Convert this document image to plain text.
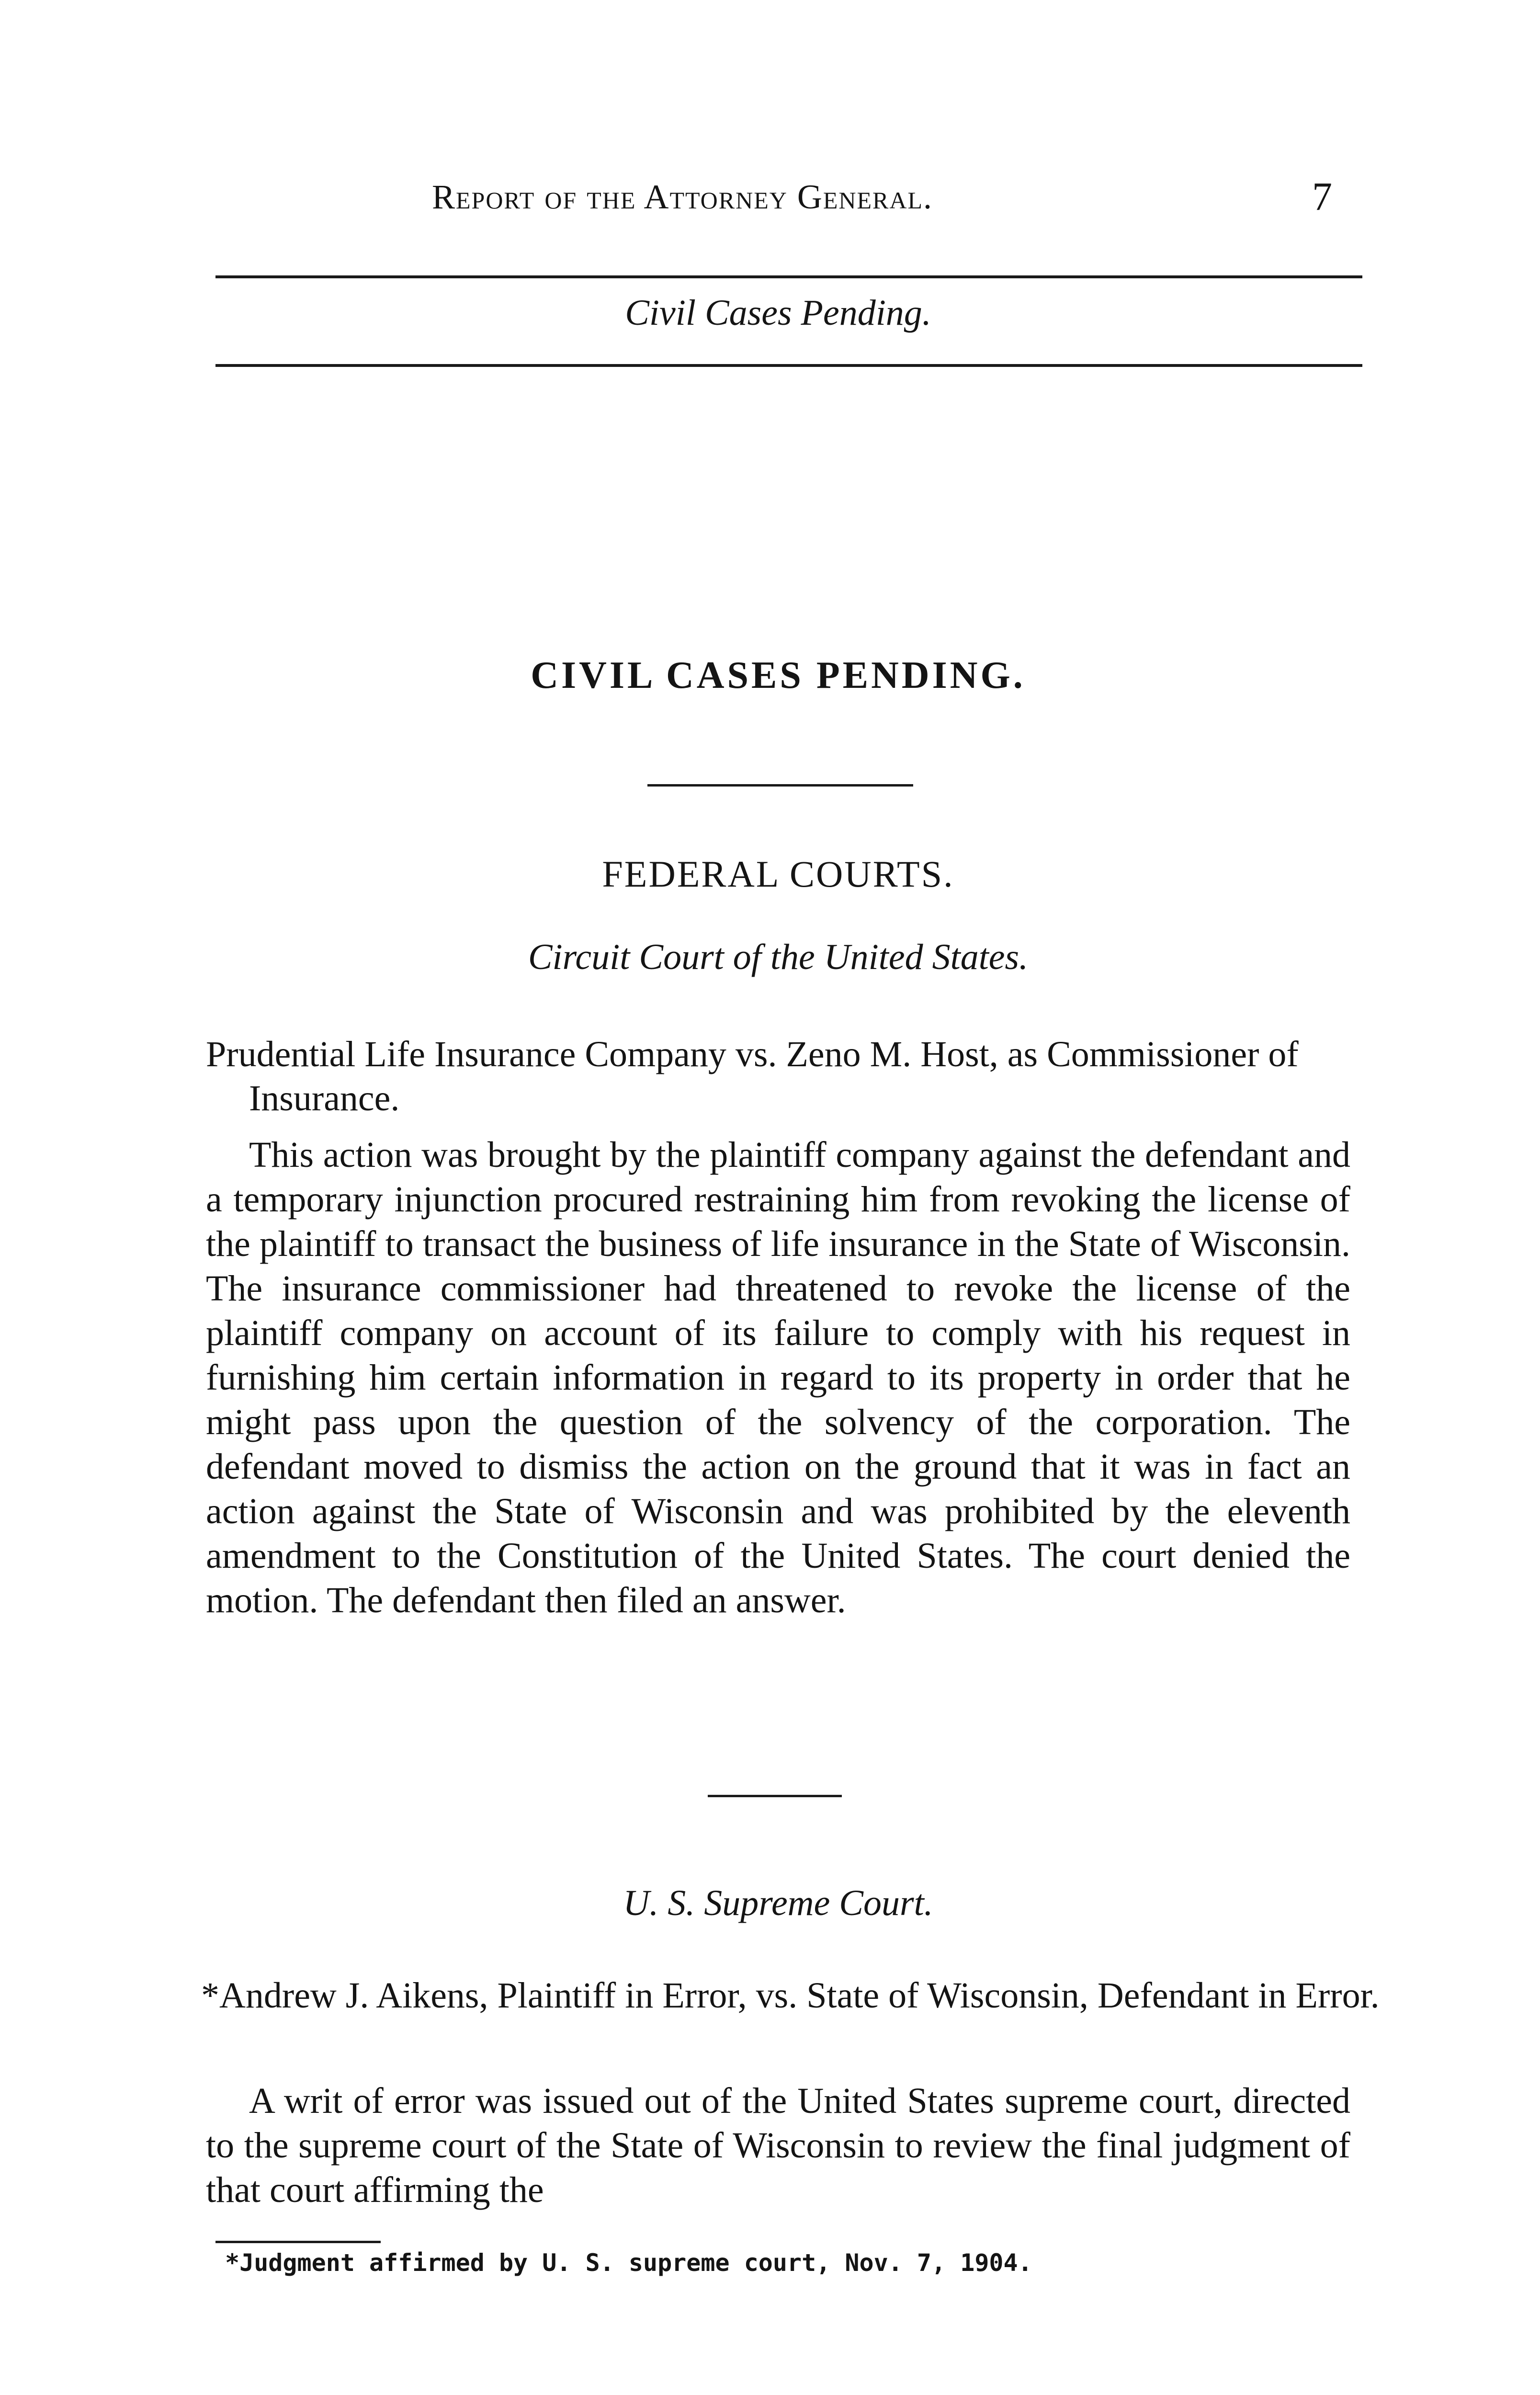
Report of the Attorney General.	7
Civil Cases Pending.
CIVIL CASES PENDING.
FEDERAL COURTS.
Circuit Court of the United States.
Prudential Life Insurance Company vs. Zeno M. Host, as Commissioner of Insurance.
This action was brought by the plaintiff company against the defendant and a temporary injunction procured restraining him from revoking the license of the plaintiff to transact the business of life insurance in the State of Wisconsin. The insurance commissioner had threatened to revoke the license of the plaintiff company on account of its failure to comply with his request in furnishing him certain information in regard to its property in order that he might pass upon the question of the solvency of the corporation. The defendant moved to dismiss the action on the ground that it was in fact an action against the State of Wisconsin and was prohibited by the eleventh amendment to the Constitution of the United States. The court denied the motion. The defendant then filed an answer.
U. S. Supreme Court.
*Andrew J. Aikens, Plaintiff in Error, vs. State of Wisconsin, Defendant in Error.
A writ of error was issued out of the United States supreme court, directed to the supreme court of the State of Wisconsin to review the final judgment of that court affirming the
*Judgment affirmed by U. S. supreme court, Nov. 7, 1904.
